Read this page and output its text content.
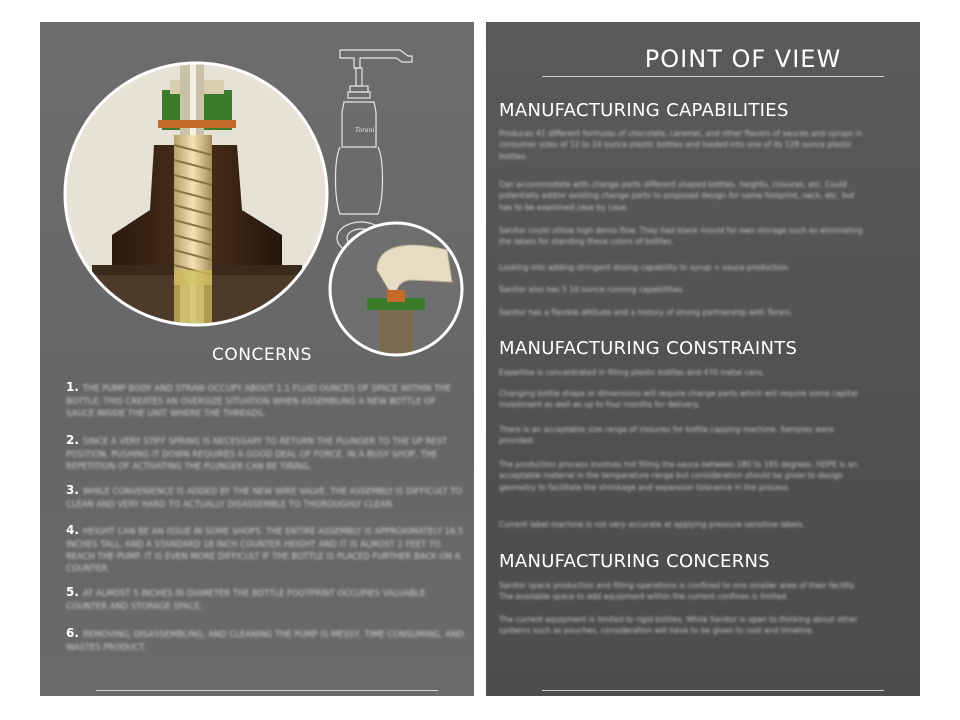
Torani
CONCERNS
1. THE PUMP BODY AND STRAW OCCUPY ABOUT 1.1 FLUID OUNCES OF SPACE WITHIN THE BOTTLE. THIS CREATES AN OVERSIZE SITUATION WHEN ASSEMBLING A NEW BOTTLE OF SAUCE INSIDE THE UNIT WHERE THE THREADS.
2. SINCE A VERY STIFF SPRING IS NECESSARY TO RETURN THE PLUNGER TO THE UP REST POSITION, PUSHING IT DOWN REQUIRES A GOOD DEAL OF FORCE. IN A BUSY SHOP, THE REPETITION OF ACTIVATING THE PLUNGER CAN BE TIRING.
3. WHILE CONVENIENCE IS ADDED BY THE NEW WIRE VALVE, THE ASSEMBLY IS DIFFICULT TO CLEAN AND VERY HARD TO ACTUALLY DISASSEMBLE TO THOROUGHLY CLEAN.
4. HEIGHT CAN BE AN ISSUE IN SOME SHOPS. THE ENTIRE ASSEMBLY IS APPROXIMATELY 16.5 INCHES TALL, AND A STANDARD 18 INCH COUNTER HEIGHT AND IT IS ALMOST 2 FEET TO REACH THE PUMP. IT IS EVEN MORE DIFFICULT IF THE BOTTLE IS PLACED FURTHER BACK ON A COUNTER.
5. AT ALMOST 5 INCHES IN DIAMETER THE BOTTLE FOOTPRINT OCCUPIES VALUABLE COUNTER AND STORAGE SPACE.
6. REMOVING, DISASSEMBLING, AND CLEANING THE PUMP IS MESSY, TIME CONSUMING, AND WASTES PRODUCT.
POINT OF VIEW
MANUFACTURING CAPABILITIES
Produces 41 different formulas of chocolate, caramel, and other flavors of sauces and syrups in consumer sizes of 12 to 24 ounce plastic bottles and loaded into one of its 128 ounce plastic bottles.
Can accommodate with change parts different shaped bottles, heights, closures, etc. Could potentially add/or existing change parts to proposed design for same footprint, neck, etc. but has to be examined case by case.
Sanitor could utilize high demo flow. They had blank mould for own storage such as eliminating the labels for standing these colors of bottles.
Looking into adding stringent dosing capability to syrup + sauce production.
Sanitor also has 5 10 ounce running capabilities.
Sanitor has a flexible attitude and a history of strong partnership with Torani.
MANUFACTURING CONSTRAINTS
Expertise is concentrated in filling plastic bottles and 470 metal cans.
Changing bottle shape or dimensions will require change parts which will require some capital investment as well as up to four months for delivery.
There is an acceptable size range of closures for bottle capping machine. Samples were provided.
The production process involves hot filling the sauce between 180 to 185 degrees. HDPE is an acceptable material in the temperature range but consideration should be given to design geometry to facilitate the shrinkage and expansion tolerance in the process.
Current label machine is not very accurate at applying pressure sensitive labels.
MANUFACTURING CONCERNS
Sanitor space production and filling operations is confined to one smaller area of their facility. The available space to add equipment within the current confines is limited.
The current equipment is limited to rigid bottles. While Sanitor is open to thinking about other systems such as pouches, consideration will have to be given to cost and timeline.
